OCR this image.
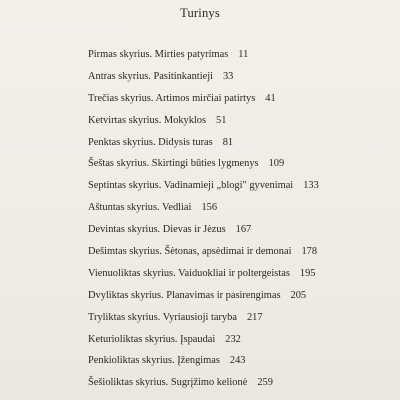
Turinys
Pirmas skyrius. Mirties patyrimas 11
Antras skyrius. Pasitinkantieji 33
Trečias skyrius. Artimos mirčiai patirtys 41
Ketvirtas skyrius. Mokyklos 51
Penktas skyrius. Didysis turas 81
Šeštas skyrius. Skirtingi būties lygmenys 109
Septintas skyrius. Vadinamieji „blogi" gyvenimai 133
Aštuntas skyrius. Vedliai 156
Devintas skyrius. Dievas ir Jėzus 167
Dešimtas skyrius. Šėtonas, apsėdimai ir demonai 178
Vienuoliktas skyrius. Vaiduokliai ir poltergeistas 195
Dvyliktas skyrius. Planavimas ir pasirengimas 205
Tryliktas skyrius. Vyriausioji taryba 217
Keturioliktas skyrius. Įspaudai 232
Penkioliktas skyrius. Įžengimas 243
Šešioliktas skyrius. Sugrįžimo kelionė 259
